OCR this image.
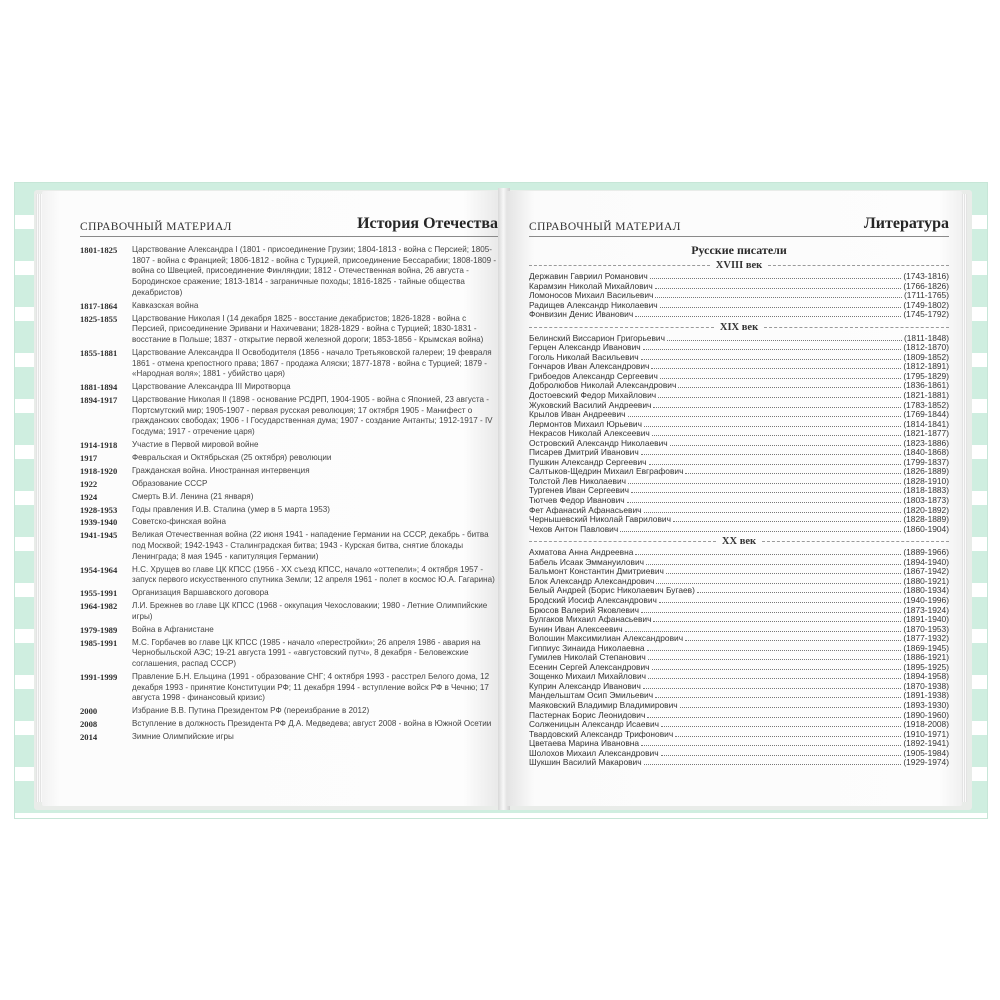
СПРАВОЧНЫЙ МАТЕРИАЛ	История Отечества
1801-1825	Царствование Александра I (1801 - присоединение Грузии; 1804-1813 - война с Персией; 1805-1807 - война с Францией; 1806-1812 - война с Турцией, присоединение Бессарабии; 1808-1809 - война со Швецией, присоединение Финляндии; 1812 - Отечественная война, 26 августа - Бородинское сражение; 1813-1814 - заграничные походы; 1816-1825 - тайные общества декабристов)
1817-1864	Кавказская война
1825-1855	Царствование Николая I (14 декабря 1825 - восстание декабристов; 1826-1828 - война с Персией, присоединение Эривани и Нахичевани; 1828-1829 - война с Турцией; 1830-1831 - восстание в Польше; 1837 - открытие первой железной дороги; 1853-1856 - Крымская война)
1855-1881	Царствование Александра II Освободителя (1856 - начало Третьяковской галереи; 19 февраля 1861 - отмена крепостного права; 1867 - продажа Аляски; 1877-1878 - война с Турцией; 1879 - «Народная воля»; 1881 - убийство царя)
1881-1894	Царствование Александра III Миротворца
1894-1917	Царствование Николая II (1898 - основание РСДРП, 1904-1905 - война с Японией, 23 августа - Портсмутский мир; 1905-1907 - первая русская революция; 17 октября 1905 - Манифест о гражданских свободах; 1906 - I Государственная дума; 1907 - создание Антанты; 1912-1917 - IV Госдума; 1917 - отречение царя)
1914-1918	Участие в Первой мировой войне
1917	Февральская и Октябрьская (25 октября) революции
1918-1920	Гражданская война. Иностранная интервенция
1922	Образование СССР
1924	Смерть В.И. Ленина (21 января)
1928-1953	Годы правления И.В. Сталина (умер в 5 марта 1953)
1939-1940	Советско-финская война
1941-1945	Великая Отечественная война (22 июня 1941 - нападение Германии на СССР, декабрь - битва под Москвой; 1942-1943 - Сталинградская битва; 1943 - Курская битва, снятие блокады Ленинграда; 8 мая 1945 - капитуляция Германии)
1954-1964	Н.С. Хрущев во главе ЦК КПСС (1956 - XX съезд КПСС, начало «оттепели»; 4 октября 1957 - запуск первого искусственного спутника Земли; 12 апреля 1961 - полет в космос Ю.А. Гагарина)
1955-1991	Организация Варшавского договора
1964-1982	Л.И. Брежнев во главе ЦК КПСС (1968 - оккупация Чехословакии; 1980 - Летние Олимпийские игры)
1979-1989	Война в Афганистане
1985-1991	М.С. Горбачев во главе ЦК КПСС (1985 - начало «перестройки»; 26 апреля 1986 - авария на Чернобыльской АЭС; 19-21 августа 1991 - «августовский путч», 8 декабря - Беловежские соглашения, распад СССР)
1991-1999	Правление Б.Н. Ельцина (1991 - образование СНГ; 4 октября 1993 - расстрел Белого дома, 12 декабря 1993 - принятие Конституции РФ; 11 декабря 1994 - вступление войск РФ в Чечню; 17 августа 1998 - финансовый кризис)
2000	Избрание В.В. Путина Президентом РФ (переизбрание в 2012)
2008	Вступление в должность Президента РФ Д.А. Медведева; август 2008 - война в Южной Осетии
2014	Зимние Олимпийские игры
СПРАВОЧНЫЙ МАТЕРИАЛ	Литература
Русские писатели
XVIII век
Державин Гавриил Романович	(1743-1816)
Карамзин Николай Михайлович	(1766-1826)
Ломоносов Михаил Васильевич	(1711-1765)
Радищев Александр Николаевич	(1749-1802)
Фонвизин Денис Иванович	(1745-1792)
XIX век
Белинский Виссарион Григорьевич	(1811-1848)
Герцен Александр Иванович	(1812-1870)
Гоголь Николай Васильевич	(1809-1852)
Гончаров Иван Александрович	(1812-1891)
Грибоедов Александр Сергеевич	(1795-1829)
Добролюбов Николай Александрович	(1836-1861)
Достоевский Федор Михайлович	(1821-1881)
Жуковский Василий Андреевич	(1783-1852)
Крылов Иван Андреевич	(1769-1844)
Лермонтов Михаил Юрьевич	(1814-1841)
Некрасов Николай Алексеевич	(1821-1877)
Островский Александр Николаевич	(1823-1886)
Писарев Дмитрий Иванович	(1840-1868)
Пушкин Александр Сергеевич	(1799-1837)
Салтыков-Щедрин Михаил Евграфович	(1826-1889)
Толстой Лев Николаевич	(1828-1910)
Тургенев Иван Сергеевич	(1818-1883)
Тютчев Федор Иванович	(1803-1873)
Фет Афанасий Афанасьевич	(1820-1892)
Чернышевский Николай Гаврилович	(1828-1889)
Чехов Антон Павлович	(1860-1904)
XX век
Ахматова Анна Андреевна	(1889-1966)
Бабель Исаак Эммануилович	(1894-1940)
Бальмонт Константин Дмитриевич	(1867-1942)
Блок Александр Александрович	(1880-1921)
Белый Андрей (Борис Николаевич Бугаев)	(1880-1934)
Бродский Иосиф Александрович	(1940-1996)
Брюсов Валерий Яковлевич	(1873-1924)
Булгаков Михаил Афанасьевич	(1891-1940)
Бунин Иван Алексеевич	(1870-1953)
Волошин Максимилиан Александрович	(1877-1932)
Гиппиус Зинаида Николаевна	(1869-1945)
Гумилев Николай Степанович	(1886-1921)
Есенин Сергей Александрович	(1895-1925)
Зощенко Михаил Михайлович	(1894-1958)
Куприн Александр Иванович	(1870-1938)
Мандельштам Осип Эмильевич	(1891-1938)
Маяковский Владимир Владимирович	(1893-1930)
Пастернак Борис Леонидович	(1890-1960)
Солженицын Александр Исаевич	(1918-2008)
Твардовский Александр Трифонович	(1910-1971)
Цветаева Марина Ивановна	(1892-1941)
Шолохов Михаил Александрович	(1905-1984)
Шукшин Василий Макарович	(1929-1974)
